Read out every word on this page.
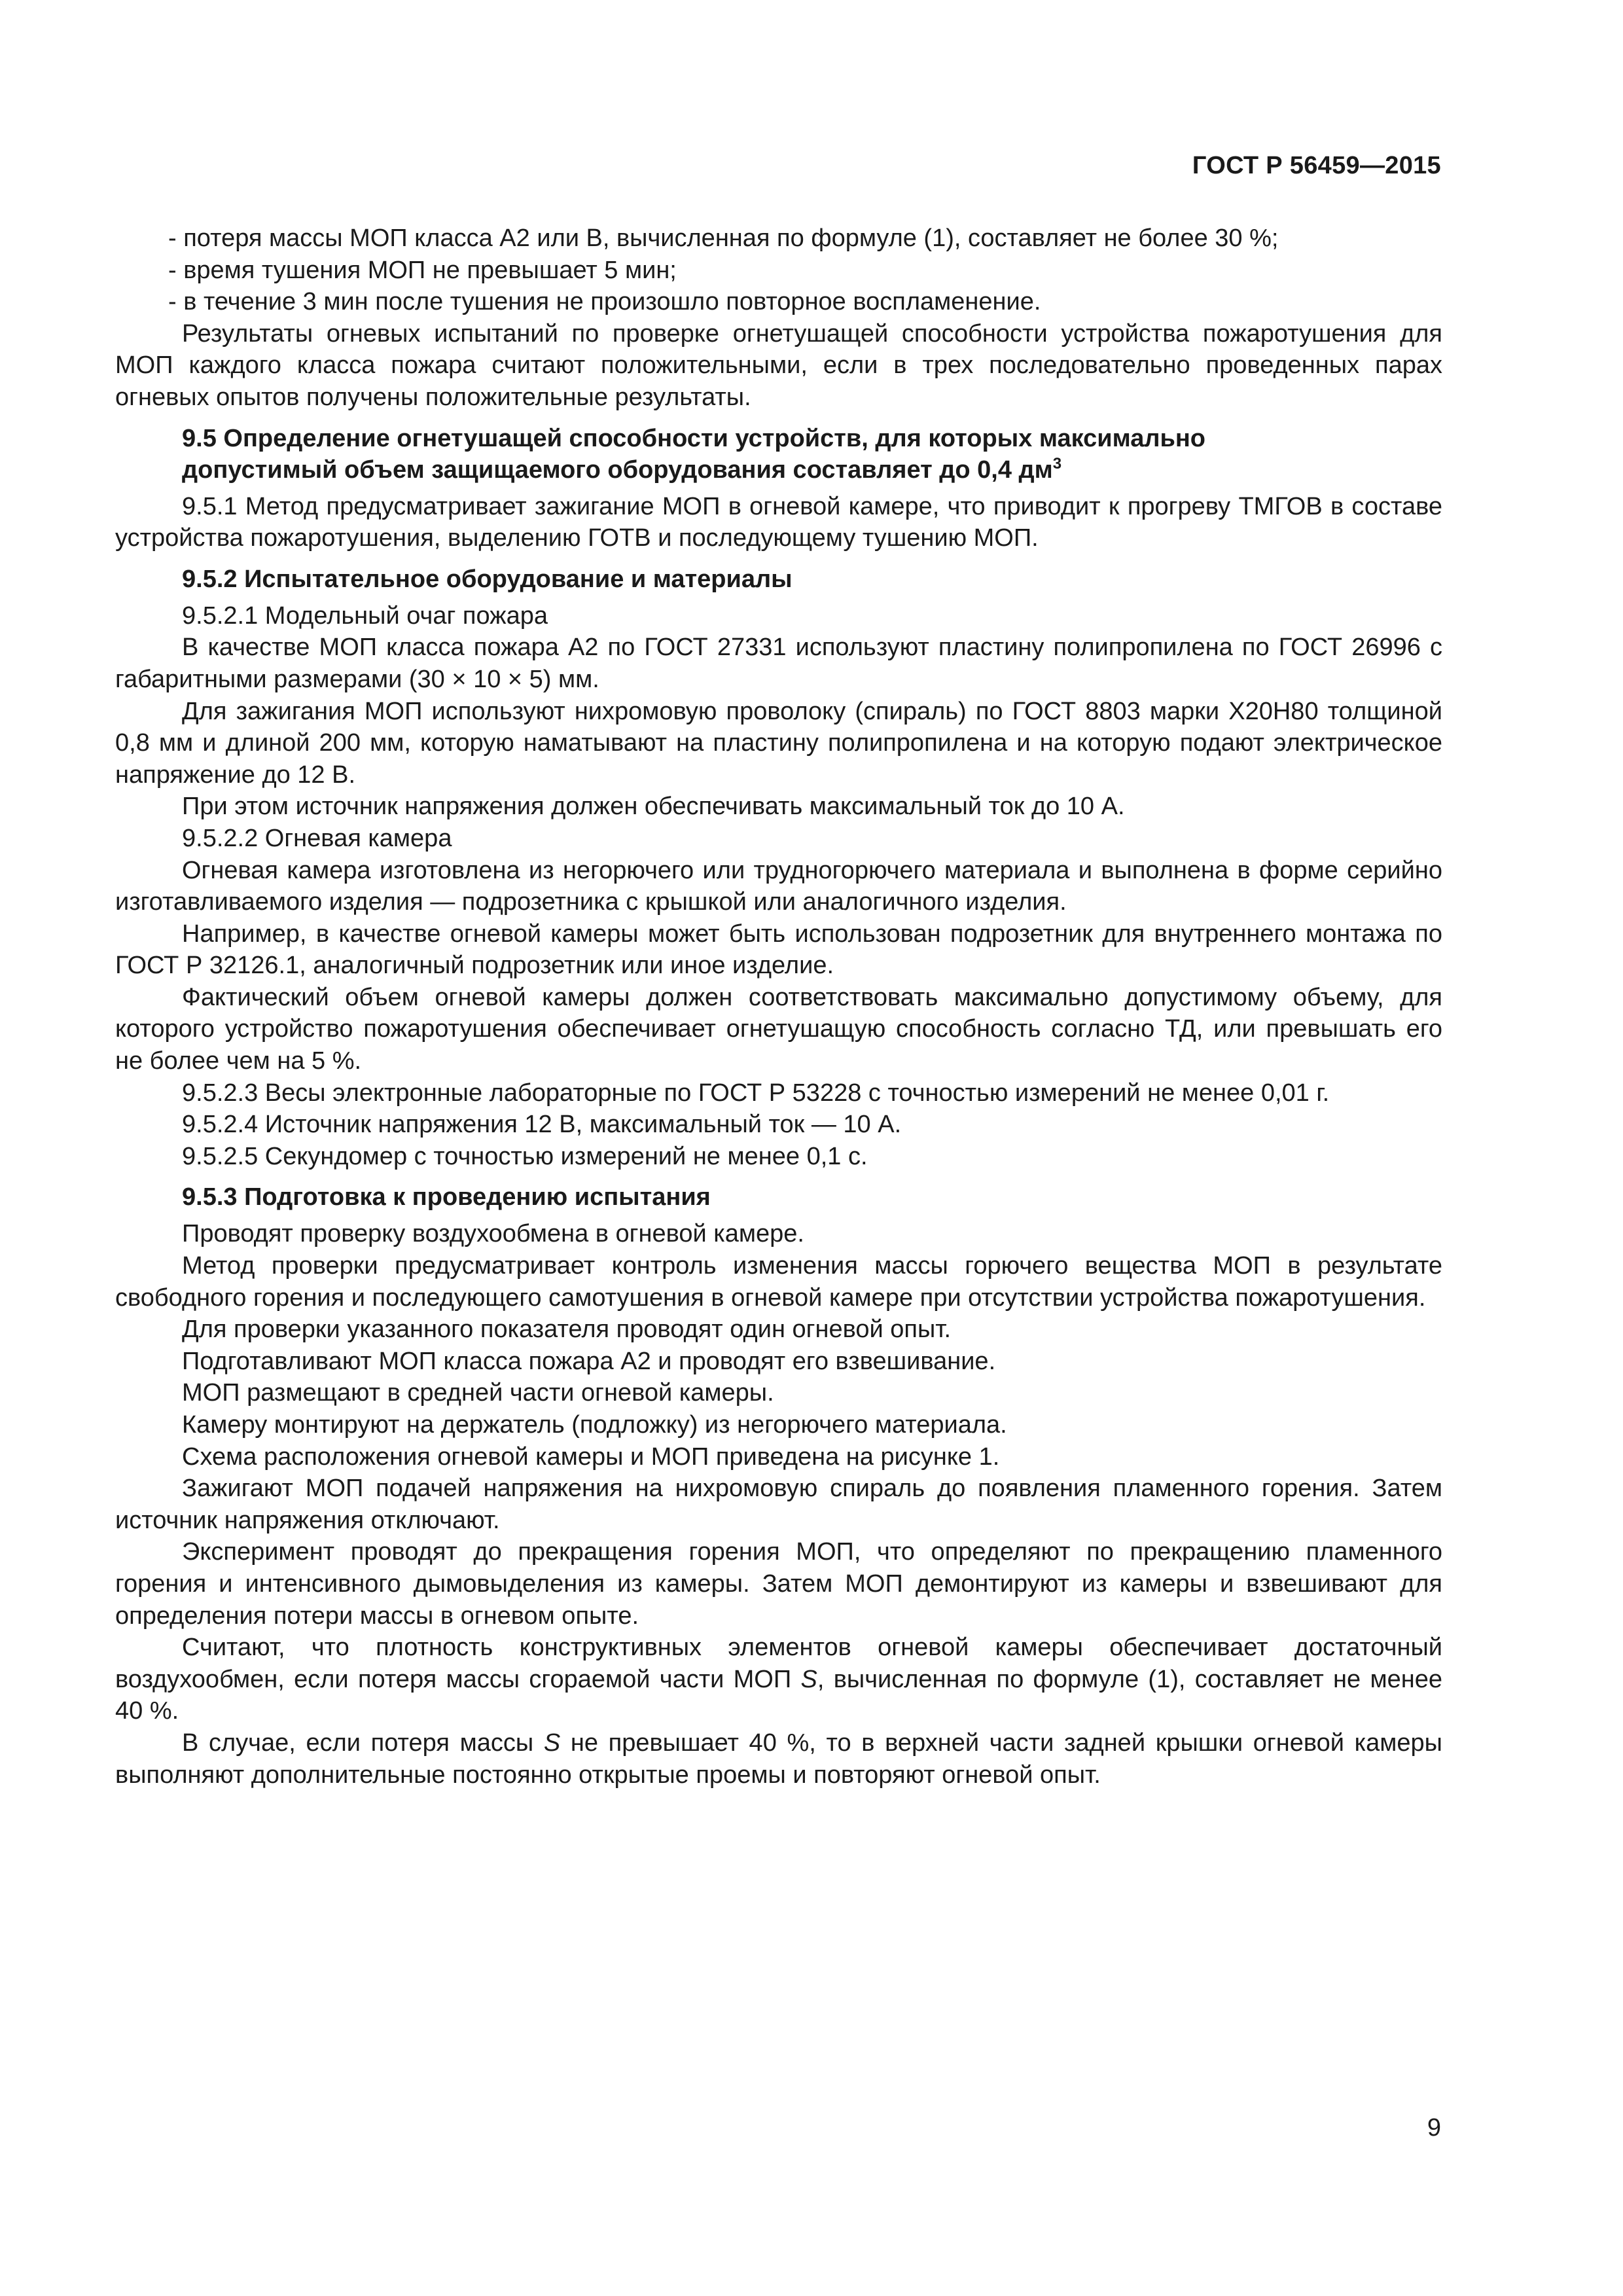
ГОСТ Р 56459—2015

- потеря массы МОП класса А2 или В, вычисленная по формуле (1), составляет не более 30 %;

- время тушения МОП не превышает 5 мин;

- в течение 3 мин после тушения не произошло повторное воспламенение.

Результаты огневых испытаний по проверке огнетушащей способности устройства пожаротушения для МОП каждого класса пожара считают положительными, если в трех последовательно проведенных парах огневых опытов получены положительные результаты.

9.5 Определение огнетушащей способности устройств, для которых максимально

допустимый объем защищаемого оборудования составляет до 0,4 $дм^3$

9.5.1 Метод предусматривает зажигание МОП в огневой камере, что приводит к прогреву ТМГОВ в составе устройства пожаротушения, выделению ГОТВ и последующему тушению МОП.

9.5.2 Испытательное оборудование и материалы

9.5.2.1 Модельный очаг пожара

В качестве МОП класса пожара А2 по ГОСТ 27331 используют пластину полипропилена по ГОСТ 26996 с габаритными размерами (30 × 10 × 5) мм.

Для зажигания МОП используют нихромовую проволоку (спираль) по ГОСТ 8803 марки Х20Н80 толщиной 0,8 мм и длиной 200 мм, которую наматывают на пластину полипропилена и на которую подают электрическое напряжение до 12 В.

При этом источник напряжения должен обеспечивать максимальный ток до 10 А.

9.5.2.2 Огневая камера

Огневая камера изготовлена из негорючего или трудногорючего материала и выполнена в форме серийно изготавливаемого изделия — подрозетника с крышкой или аналогичного изделия.

Например, в качестве огневой камеры может быть использован подрозетник для внутреннего монтажа по ГОСТ Р 32126.1, аналогичный подрозетник или иное изделие.

Фактический объем огневой камеры должен соответствовать максимально допустимому объему, для которого устройство пожаротушения обеспечивает огнетушащую способность согласно ТД, или превышать его не более чем на 5 %.

9.5.2.3 Весы электронные лабораторные по ГОСТ Р 53228 с точностью измерений не менее 0,01 г.

9.5.2.4 Источник напряжения 12 В, максимальный ток — 10 А.

9.5.2.5 Секундомер с точностью измерений не менее 0,1 с.

9.5.3 Подготовка к проведению испытания

Проводят проверку воздухообмена в огневой камере.

Метод проверки предусматривает контроль изменения массы горючего вещества МОП в результате свободного горения и последующего самотушения в огневой камере при отсутствии устройства пожаротушения.

Для проверки указанного показателя проводят один огневой опыт.

Подготавливают МОП класса пожара А2 и проводят его взвешивание.

МОП размещают в средней части огневой камеры.

Камеру монтируют на держатель (подложку) из негорючего материала.

Схема расположения огневой камеры и МОП приведена на рисунке 1.

Зажигают МОП подачей напряжения на нихромовую спираль до появления пламенного горения. Затем источник напряжения отключают.

Эксперимент проводят до прекращения горения МОП, что определяют по прекращению пламенного горения и интенсивного дымовыделения из камеры. Затем МОП демонтируют из камеры и взвешивают для определения потери массы в огневом опыте.

Считают, что плотность конструктивных элементов огневой камеры обеспечивает достаточный воздухообмен, если потеря массы сгораемой части МОП S, вычисленная по формуле (1), составляет не менее 40 %.

В случае, если потеря массы S не превышает 40 %, то в верхней части задней крышки огневой камеры выполняют дополнительные постоянно открытые проемы и повторяют огневой опыт.

9
